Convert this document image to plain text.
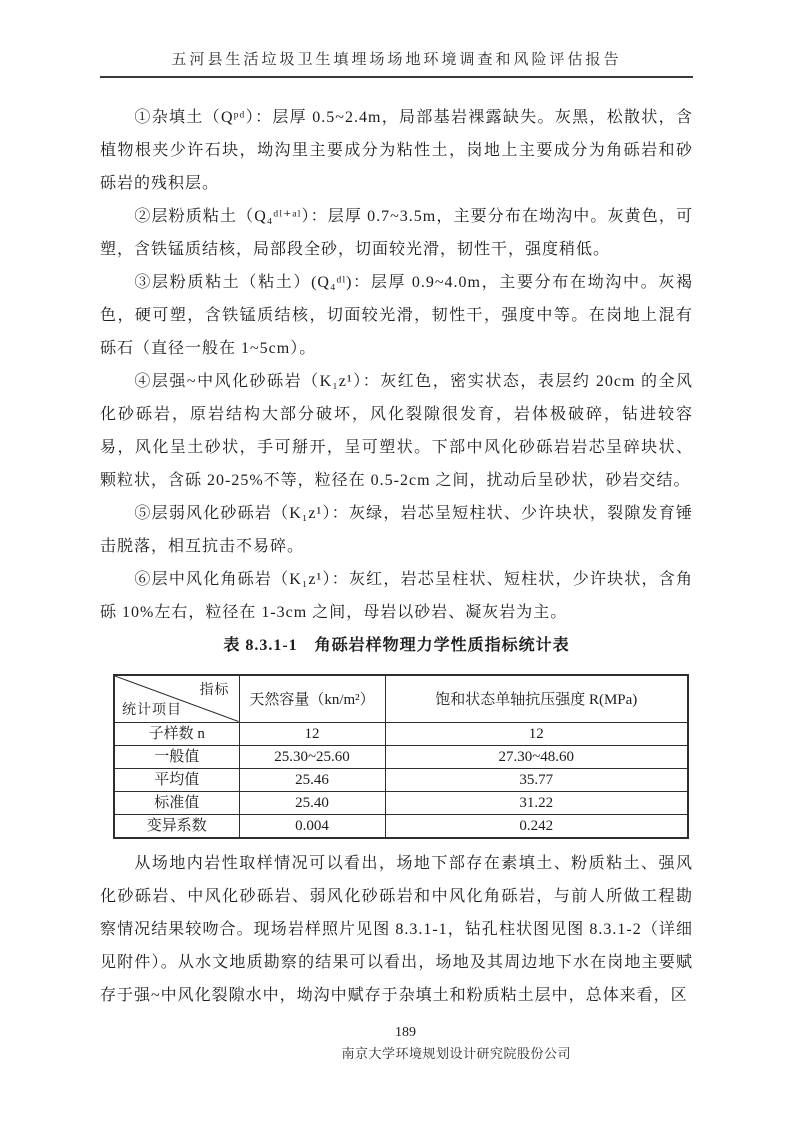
五河县生活垃圾卫生填埋场场地环境调查和风险评估报告

①杂填土（Qᵖᵈ）：层厚 0.5~2.4m，局部基岩裸露缺失。灰黑，松散状，含植物根夹少许石块，坳沟里主要成分为粘性土，岗地上主要成分为角砾岩和砂砾岩的残积层。

②层粉质粘土（Q₄ᵈˡ⁺ᵃˡ）：层厚 0.7~3.5m，主要分布在坳沟中。灰黄色，可塑，含铁锰质结核，局部段全砂，切面较光滑，韧性干，强度稍低。

③层粉质粘土（粘土）(Q₄ᵈˡ)：层厚 0.9~4.0m，主要分布在坳沟中。灰褐色，硬可塑，含铁锰质结核，切面较光滑，韧性干，强度中等。在岗地上混有砾石（直径一般在 1~5cm）。

④层强~中风化砂砾岩（K₁z¹）：灰红色，密实状态，表层约 20cm 的全风化砂砾岩，原岩结构大部分破坏，风化裂隙很发育，岩体极破碎，钻进较容易，风化呈土砂状，手可掰开，呈可塑状。下部中风化砂砾岩岩芯呈碎块状、颗粒状，含砾 20-25%不等，粒径在 0.5-2cm 之间，扰动后呈砂状，砂岩交结。

⑤层弱风化砂砾岩（K₁z¹）：灰绿，岩芯呈短柱状、少许块状，裂隙发育锤击脱落，相互抗击不易碎。

⑥层中风化角砾岩（K₁z¹）：灰红，岩芯呈柱状、短柱状，少许块状，含角砾 10%左右，粒径在 1-3cm 之间，母岩以砂岩、凝灰岩为主。

表 8.3.1-1　角砾岩样物理力学性质指标统计表
指标
统计项目	天然容量（kn/m²）	饱和状态单轴抗压强度 R(MPa)
子样数 n	12	12
一般值	25.30~25.60	27.30~48.60
平均值	25.46	35.77
标准值	25.40	31.22
变异系数	0.004	0.242

从场地内岩性取样情况可以看出，场地下部存在素填土、粉质粘土、强风化砂砾岩、中风化砂砾岩、弱风化砂砾岩和中风化角砾岩，与前人所做工程勘察情况结果较吻合。现场岩样照片见图 8.3.1-1，钻孔柱状图见图 8.3.1-2（详细见附件）。从水文地质勘察的结果可以看出，场地及其周边地下水在岗地主要赋存于强~中风化裂隙水中，坳沟中赋存于杂填土和粉质粘土层中，总体来看，区

189
南京大学环境规划设计研究院股份公司
